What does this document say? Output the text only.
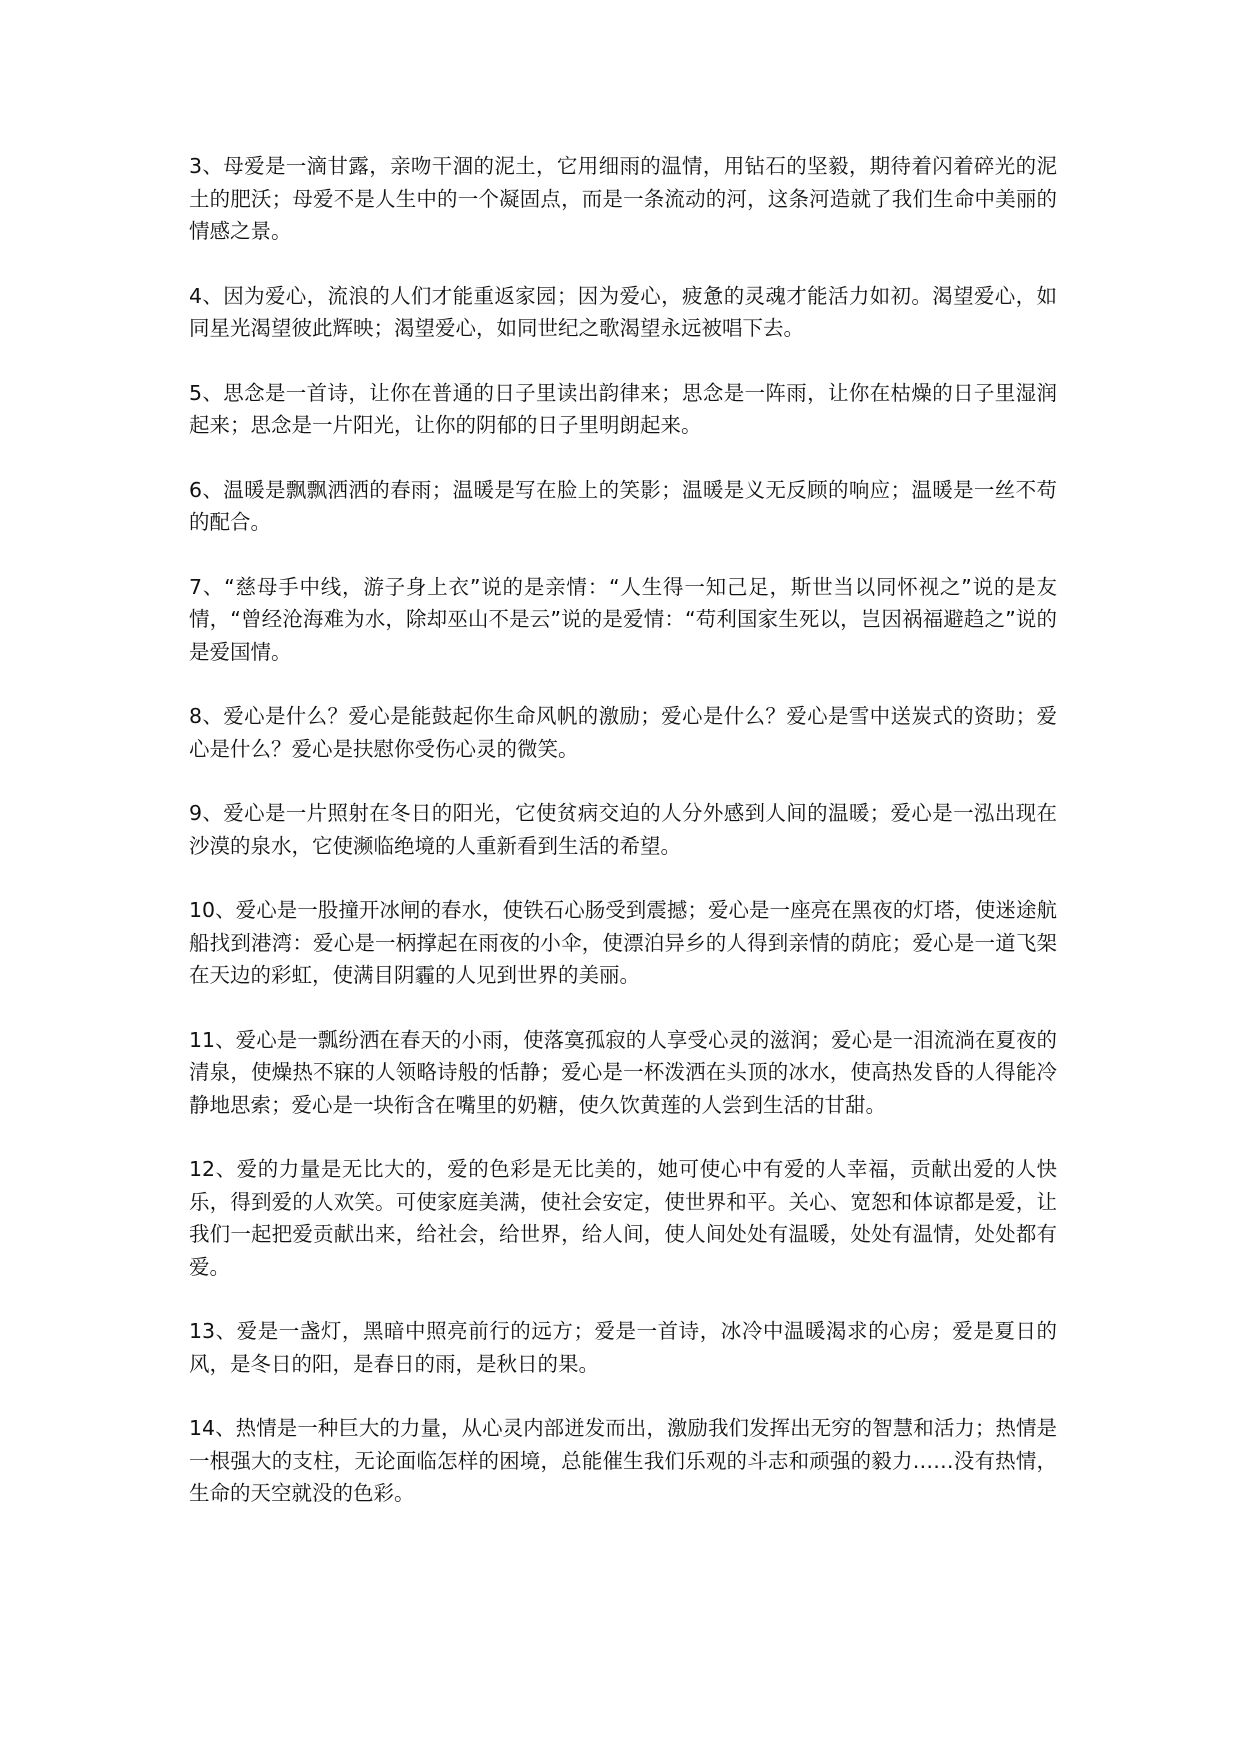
3、母爱是一滴甘露，亲吻干涸的泥土，它用细雨的温情，用钻石的坚毅，期待着闪着碎光的泥土的肥沃；母爱不是人生中的一个凝固点，而是一条流动的河，这条河造就了我们生命中美丽的情感之景。

4、因为爱心，流浪的人们才能重返家园；因为爱心，疲惫的灵魂才能活力如初。渴望爱心，如同星光渴望彼此辉映；渴望爱心，如同世纪之歌渴望永远被唱下去。

5、思念是一首诗，让你在普通的日子里读出韵律来；思念是一阵雨，让你在枯燥的日子里湿润起来；思念是一片阳光，让你的阴郁的日子里明朗起来。

6、温暖是飘飘洒洒的春雨；温暖是写在脸上的笑影；温暖是义无反顾的响应；温暖是一丝不苟的配合。

7、“慈母手中线，游子身上衣”说的是亲情：“人生得一知己足，斯世当以同怀视之”说的是友情，“曾经沧海难为水，除却巫山不是云”说的是爱情：“苟利国家生死以，岂因祸福避趋之”说的是爱国情。

8、爱心是什么？爱心是能鼓起你生命风帆的激励；爱心是什么？爱心是雪中送炭式的资助；爱心是什么？爱心是扶慰你受伤心灵的微笑。

9、爱心是一片照射在冬日的阳光，它使贫病交迫的人分外感到人间的温暖；爱心是一泓出现在沙漠的泉水，它使濒临绝境的人重新看到生活的希望。

10、爱心是一股撞开冰闸的春水，使铁石心肠受到震撼；爱心是一座亮在黑夜的灯塔，使迷途航船找到港湾：爱心是一柄撑起在雨夜的小伞，使漂泊异乡的人得到亲情的荫庇；爱心是一道飞架在天边的彩虹，使满目阴霾的人见到世界的美丽。

11、爱心是一瓢纷洒在春天的小雨，使落寞孤寂的人享受心灵的滋润；爱心是一泪流淌在夏夜的清泉，使燥热不寐的人领略诗般的恬静；爱心是一杯泼洒在头顶的冰水，使高热发昏的人得能冷静地思索；爱心是一块衔含在嘴里的奶糖，使久饮黄莲的人尝到生活的甘甜。

12、爱的力量是无比大的，爱的色彩是无比美的，她可使心中有爱的人幸福，贡献出爱的人快乐，得到爱的人欢笑。可使家庭美满，使社会安定，使世界和平。关心、宽恕和体谅都是爱，让我们一起把爱贡献出来，给社会，给世界，给人间，使人间处处有温暖，处处有温情，处处都有爱。

13、爱是一盏灯，黑暗中照亮前行的远方；爱是一首诗，冰冷中温暖渴求的心房；爱是夏日的风，是冬日的阳，是春日的雨，是秋日的果。

14、热情是一种巨大的力量，从心灵内部迸发而出，激励我们发挥出无穷的智慧和活力；热情是一根强大的支柱，无论面临怎样的困境，总能催生我们乐观的斗志和顽强的毅力……没有热情，生命的天空就没的色彩。
